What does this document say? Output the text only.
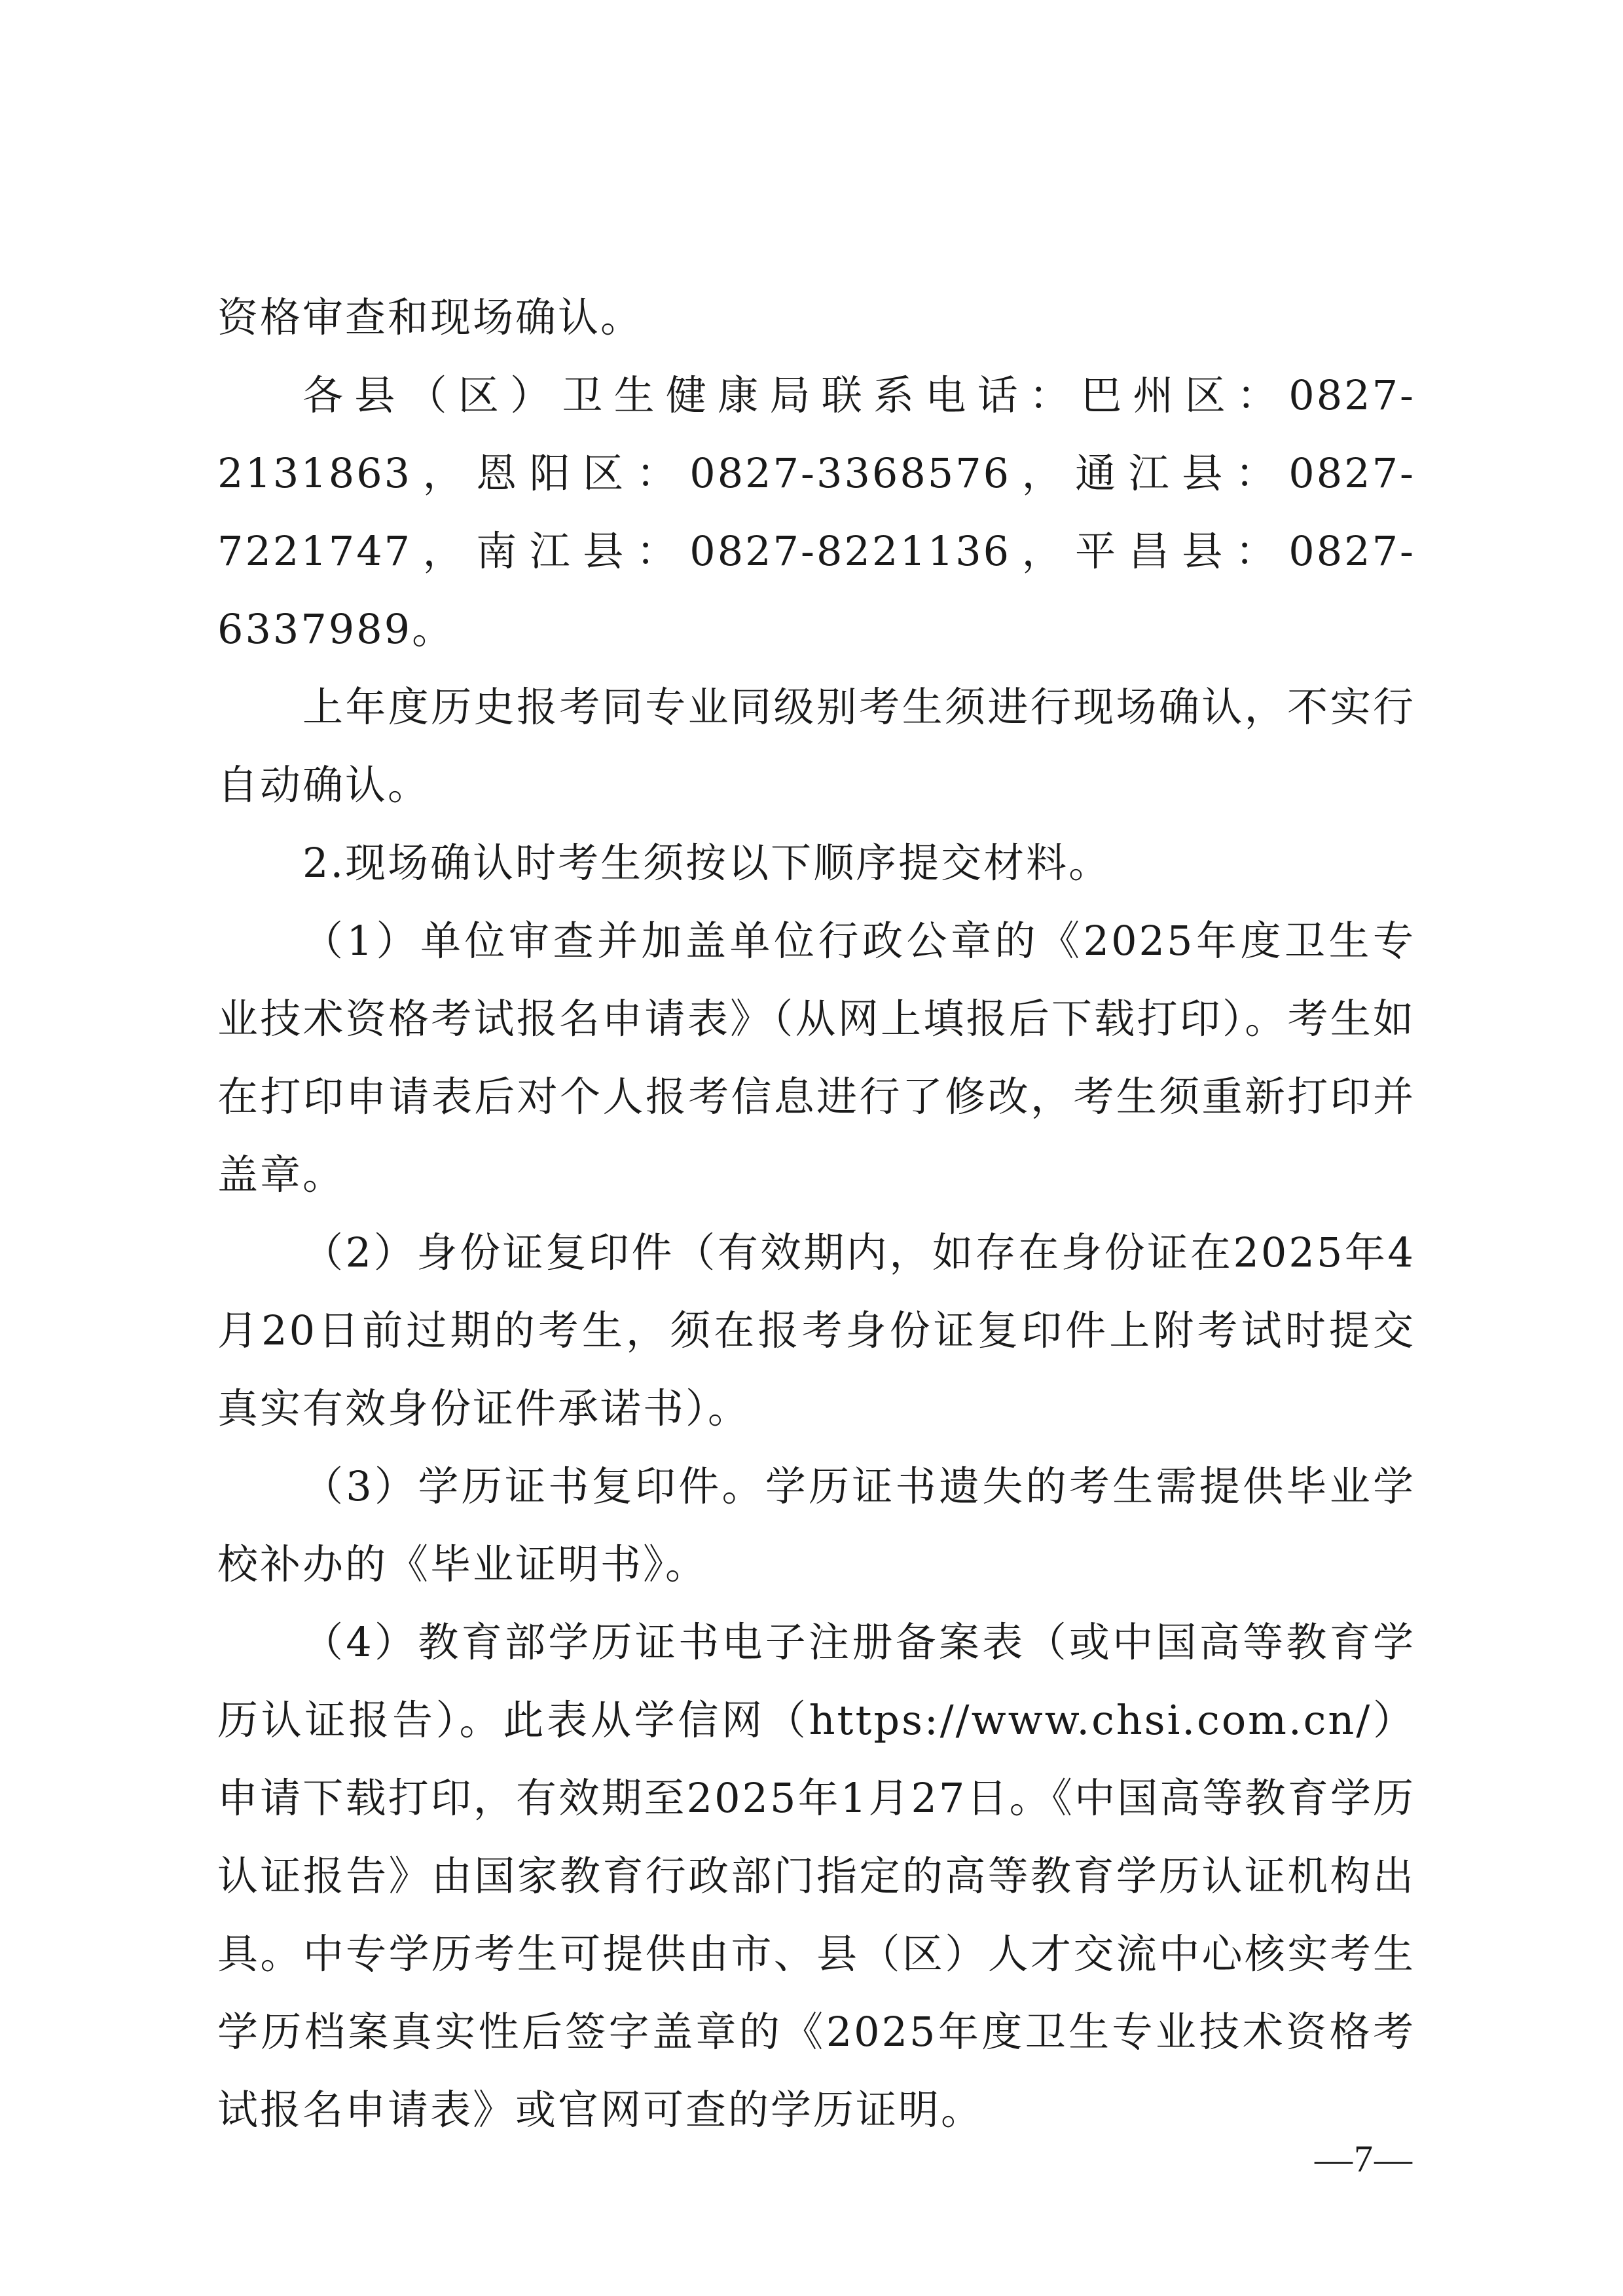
资格审查和现场确认。

各县（区）卫生健康局联系电话：巴州区：0827-2131863，恩阳区：0827-3368576，通江县：0827-7221747，南江县：0827-8221136，平昌县：0827-6337989。

上年度历史报考同专业同级别考生须进行现场确认，不实行自动确认。

2.现场确认时考生须按以下顺序提交材料。

（1）单位审查并加盖单位行政公章的《2025年度卫生专业技术资格考试报名申请表》（从网上填报后下载打印）。考生如在打印申请表后对个人报考信息进行了修改，考生须重新打印并盖章。

（2）身份证复印件（有效期内，如存在身份证在2025年4月20日前过期的考生，须在报考身份证复印件上附考试时提交真实有效身份证件承诺书）。

（3）学历证书复印件。学历证书遗失的考生需提供毕业学校补办的《毕业证明书》。

（4）教育部学历证书电子注册备案表（或中国高等教育学历认证报告）。此表从学信网（https://www.chsi.com.cn/）申请下载打印，有效期至2025年1月27日。《中国高等教育学历认证报告》由国家教育行政部门指定的高等教育学历认证机构出具。中专学历考生可提供由市、县（区）人才交流中心核实考生学历档案真实性后签字盖章的《2025年度卫生专业技术资格考试报名申请表》或官网可查的学历证明。

—7—
